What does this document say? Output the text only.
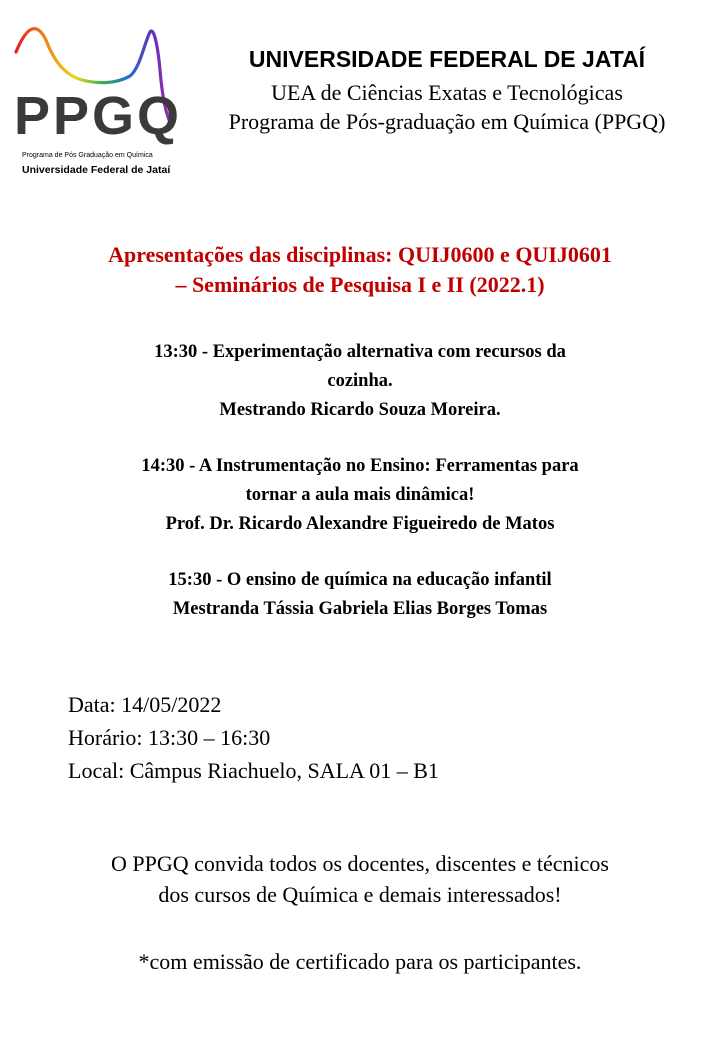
PPGQ
Programa de Pós Graduação em Química
Universidade Federal de Jataí
UNIVERSIDADE FEDERAL DE JATAÍ
UEA de Ciências Exatas e Tecnológicas
Programa de Pós-graduação em Química (PPGQ)
Apresentações das disciplinas: QUIJ0600 e QUIJ0601
– Seminários de Pesquisa I e II (2022.1)
13:30 - Experimentação alternativa com recursos da
cozinha.
Mestrando Ricardo Souza Moreira.
14:30 - A Instrumentação no Ensino: Ferramentas para
tornar a aula mais dinâmica!
Prof. Dr. Ricardo Alexandre Figueiredo de Matos
15:30 - O ensino de química na educação infantil
Mestranda Tássia Gabriela Elias Borges Tomas
Data: 14/05/2022
Horário: 13:30 – 16:30
Local: Câmpus Riachuelo, SALA 01 – B1
O PPGQ convida todos os docentes, discentes e técnicos
dos cursos de Química e demais interessados!
*com emissão de certificado para os participantes.
